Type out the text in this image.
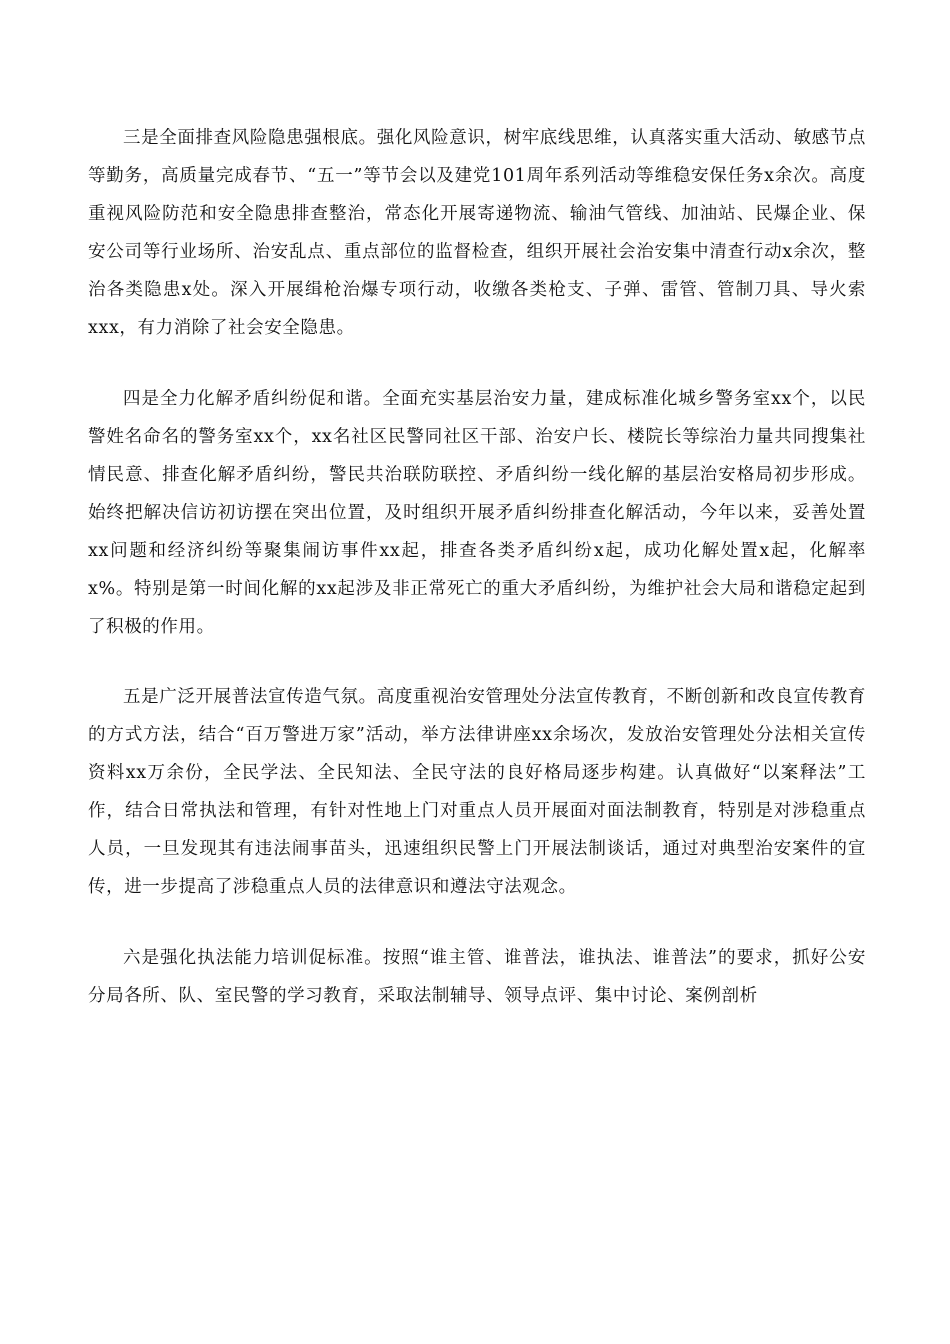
三是全面排查风险隐患强根底。强化风险意识，树牢底线思维，认真落实重大活动、敏感节点等勤务，高质量完成春节、“五一”等节会以及建党101周年系列活动等维稳安保任务x余次。高度重视风险防范和安全隐患排查整治，常态化开展寄递物流、输油气管线、加油站、民爆企业、保安公司等行业场所、治安乱点、重点部位的监督检查，组织开展社会治安集中清查行动x余次，整治各类隐患x处。深入开展缉枪治爆专项行动，收缴各类枪支、子弹、雷管、管制刀具、导火索xxx，有力消除了社会安全隐患。

四是全力化解矛盾纠纷促和谐。全面充实基层治安力量，建成标准化城乡警务室xx个，以民警姓名命名的警务室xx个，xx名社区民警同社区干部、治安户长、楼院长等综治力量共同搜集社情民意、排查化解矛盾纠纷，警民共治联防联控、矛盾纠纷一线化解的基层治安格局初步形成。始终把解决信访初访摆在突出位置，及时组织开展矛盾纠纷排查化解活动，今年以来，妥善处置xx问题和经济纠纷等聚集闹访事件xx起，排查各类矛盾纠纷x起，成功化解处置x起，化解率x%。特别是第一时间化解的xx起涉及非正常死亡的重大矛盾纠纷，为维护社会大局和谐稳定起到了积极的作用。

五是广泛开展普法宣传造气氛。高度重视治安管理处分法宣传教育，不断创新和改良宣传教育的方式方法，结合“百万警进万家”活动，举方法律讲座xx余场次，发放治安管理处分法相关宣传资料xx万余份，全民学法、全民知法、全民守法的良好格局逐步构建。认真做好“以案释法”工作，结合日常执法和管理，有针对性地上门对重点人员开展面对面法制教育，特别是对涉稳重点人员，一旦发现其有违法闹事苗头，迅速组织民警上门开展法制谈话，通过对典型治安案件的宣传，进一步提高了涉稳重点人员的法律意识和遵法守法观念。

六是强化执法能力培训促标准。按照“谁主管、谁普法，谁执法、谁普法”的要求，抓好公安分局各所、队、室民警的学习教育，采取法制辅导、领导点评、集中讨论、案例剖析
